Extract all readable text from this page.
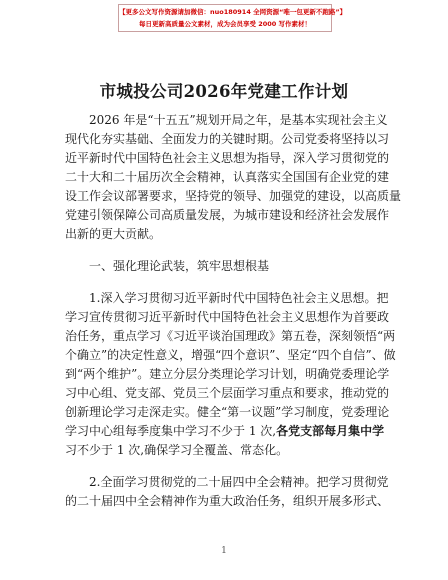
【更多公文写作资源请加微信：nuo180914 全网资源“唯一包更新不跑路”】
每日更新高质量公文素材，成为会员享受 2000 写作素材！
市城投公司2026年党建工作计划
2026 年是“十五五”规划开局之年，是基本实现社会主义
现代化夯实基础、全面发力的关键时期。公司党委将坚持以习
近平新时代中国特色社会主义思想为指导，深入学习贯彻党的
二十大和二十届历次全会精神，认真落实全国国有企业党的建
设工作会议部署要求，坚持党的领导、加强党的建设，以高质量
党建引领保障公司高质量发展，为城市建设和经济社会发展作
出新的更大贡献。
一、强化理论武装，筑牢思想根基
1.深入学习贯彻习近平新时代中国特色社会主义思想。把
学习宣传贯彻习近平新时代中国特色社会主义思想作为首要政
治任务，重点学习《习近平谈治国理政》第五卷，深刻领悟“两
个确立”的决定性意义，增强“四个意识”、坚定“四个自信”、做
到“两个维护”。建立分层分类理论学习计划，明确党委理论学
习中心组、党支部、党员三个层面学习重点和要求，推动党的
创新理论学习走深走实。健全“第一议题”学习制度，党委理论
学习中心组每季度集中学习不少于 1 次,各党支部每月集中学
习不少于 1 次,确保学习全覆盖、常态化。
2.全面学习贯彻党的二十届四中全会精神。把学习贯彻党
的二十届四中全会精神作为重大政治任务，组织开展多形式、
1
